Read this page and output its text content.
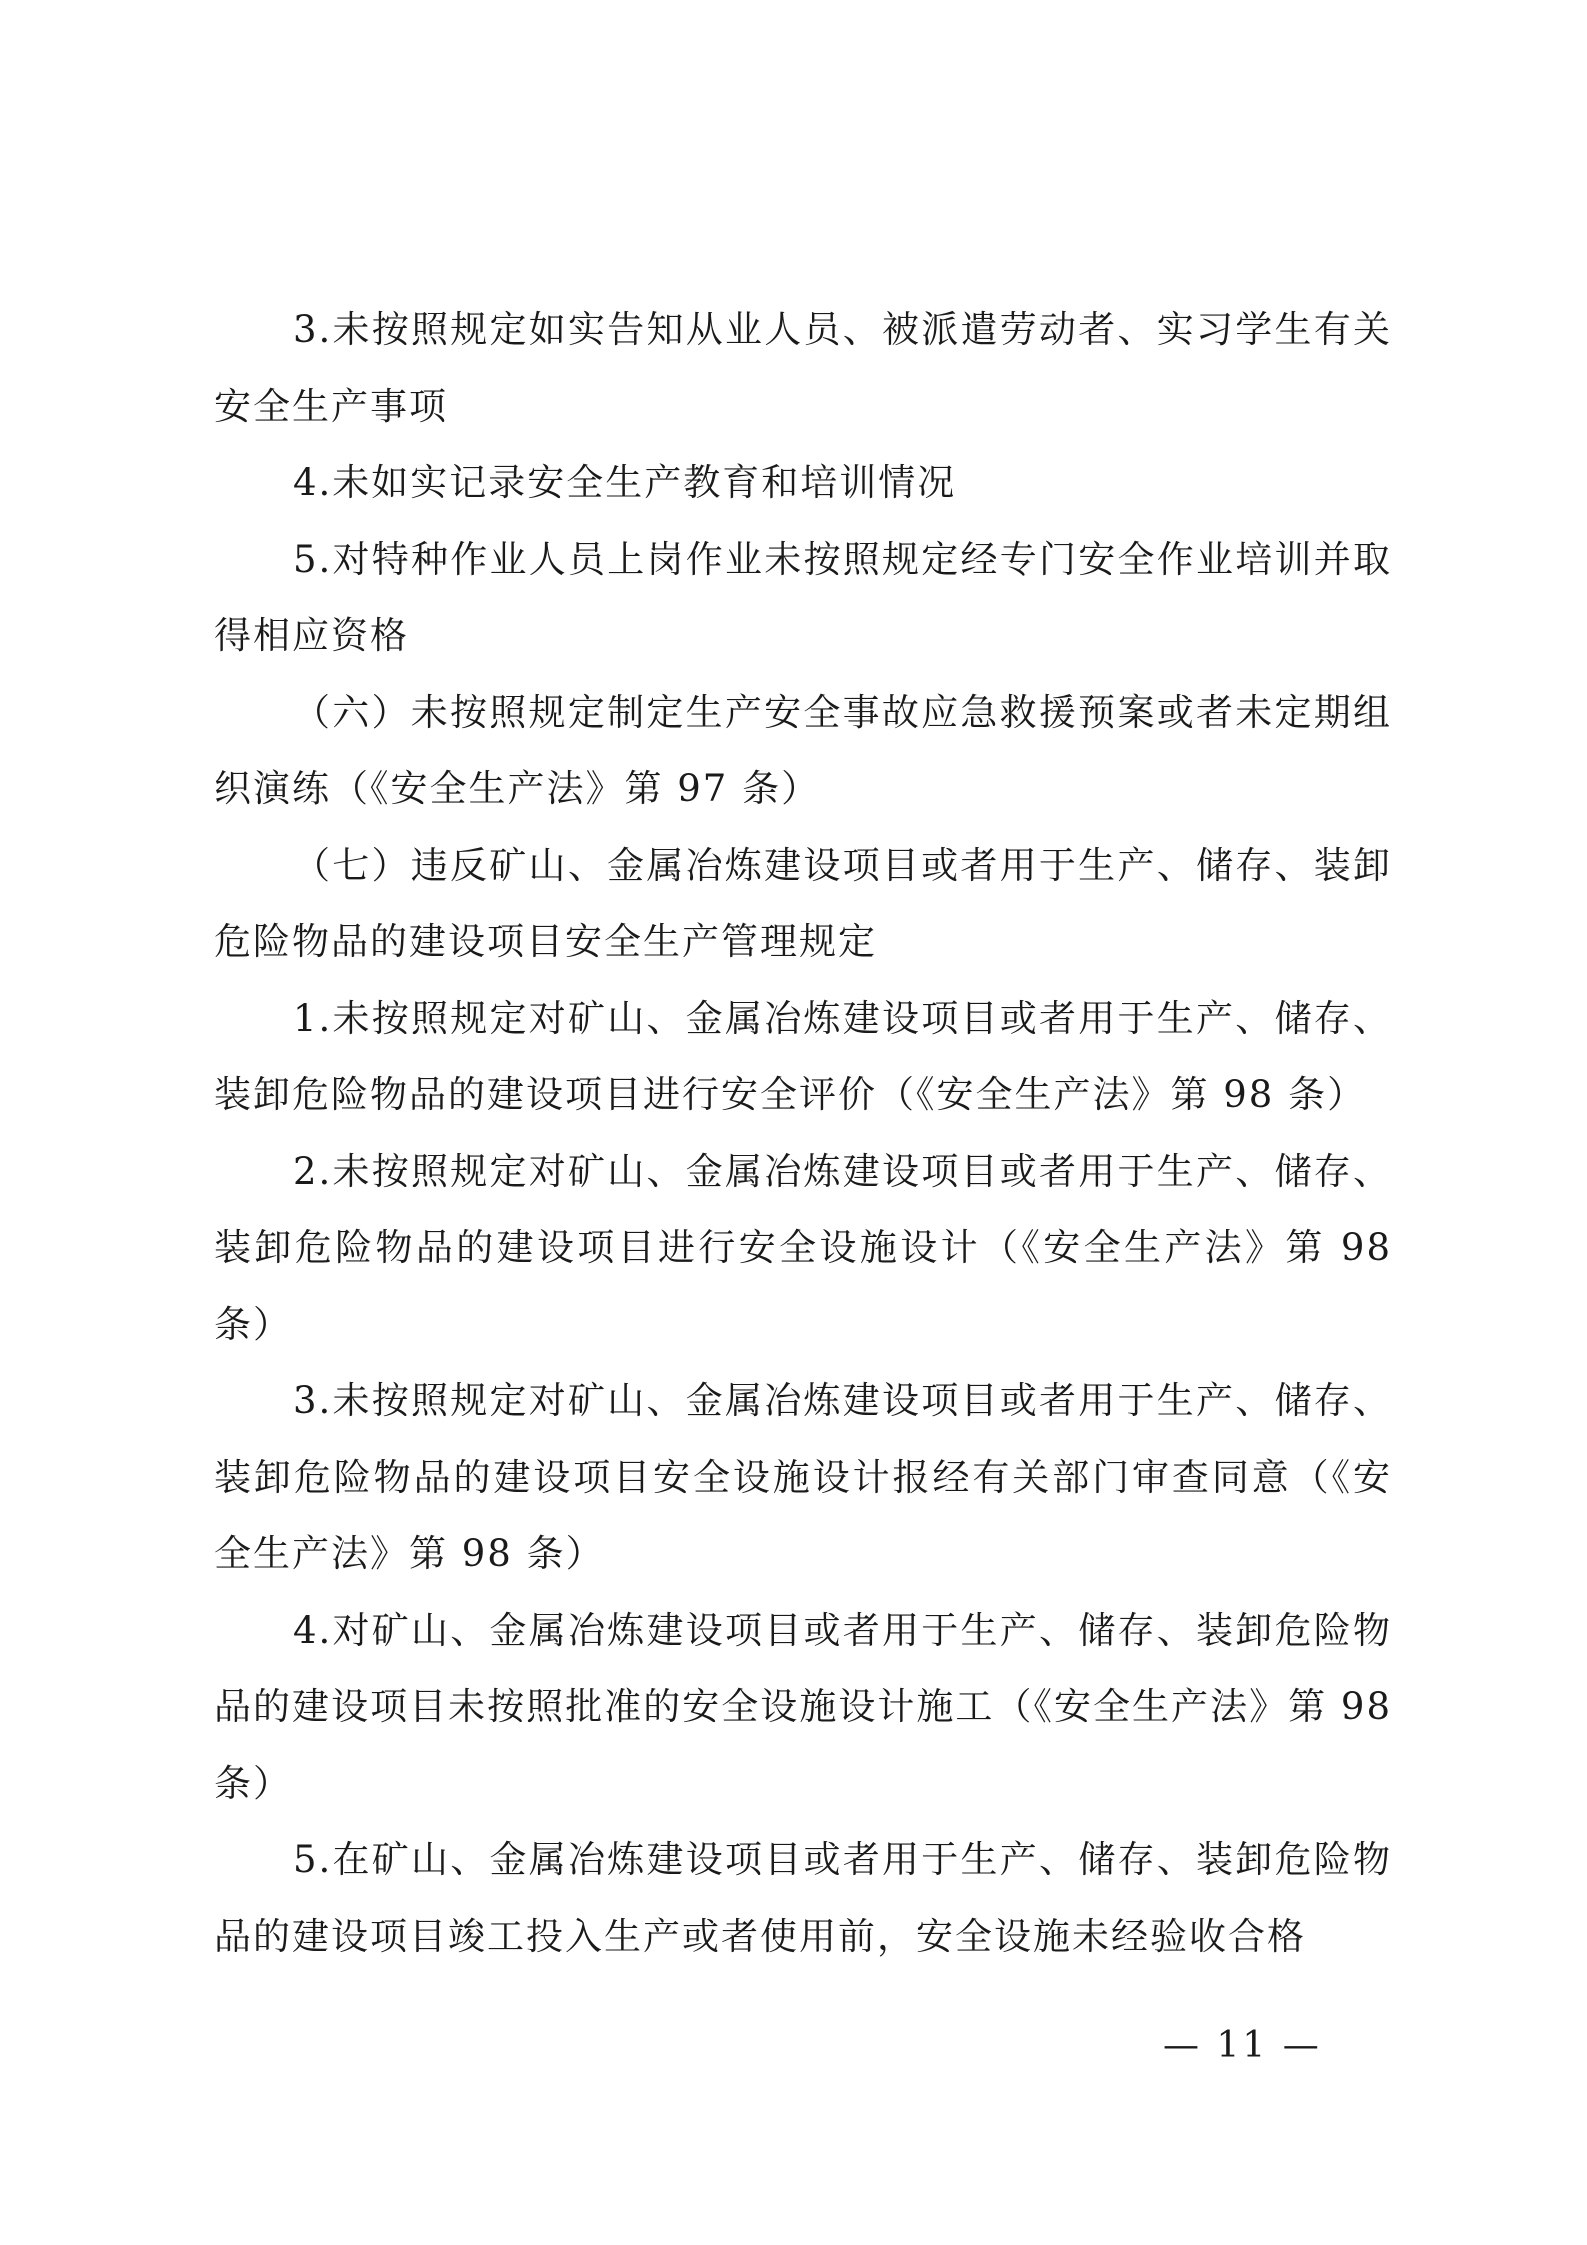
3.未按照规定如实告知从业人员、被派遣劳动者、实习学生有关安全生产事项

4.未如实记录安全生产教育和培训情况

5.对特种作业人员上岗作业未按照规定经专门安全作业培训并取得相应资格

（六）未按照规定制定生产安全事故应急救援预案或者未定期组织演练（《安全生产法》第 97 条）

（七）违反矿山、金属冶炼建设项目或者用于生产、储存、装卸危险物品的建设项目安全生产管理规定

1.未按照规定对矿山、金属冶炼建设项目或者用于生产、储存、装卸危险物品的建设项目进行安全评价（《安全生产法》第 98 条）

2.未按照规定对矿山、金属冶炼建设项目或者用于生产、储存、装卸危险物品的建设项目进行安全设施设计（《安全生产法》第 98 条）

3.未按照规定对矿山、金属冶炼建设项目或者用于生产、储存、装卸危险物品的建设项目安全设施设计报经有关部门审查同意（《安全生产法》第 98 条）

4.对矿山、金属冶炼建设项目或者用于生产、储存、装卸危险物品的建设项目未按照批准的安全设施设计施工（《安全生产法》第 98 条）

5.在矿山、金属冶炼建设项目或者用于生产、储存、装卸危险物品的建设项目竣工投入生产或者使用前，安全设施未经验收合格

— 11 —
